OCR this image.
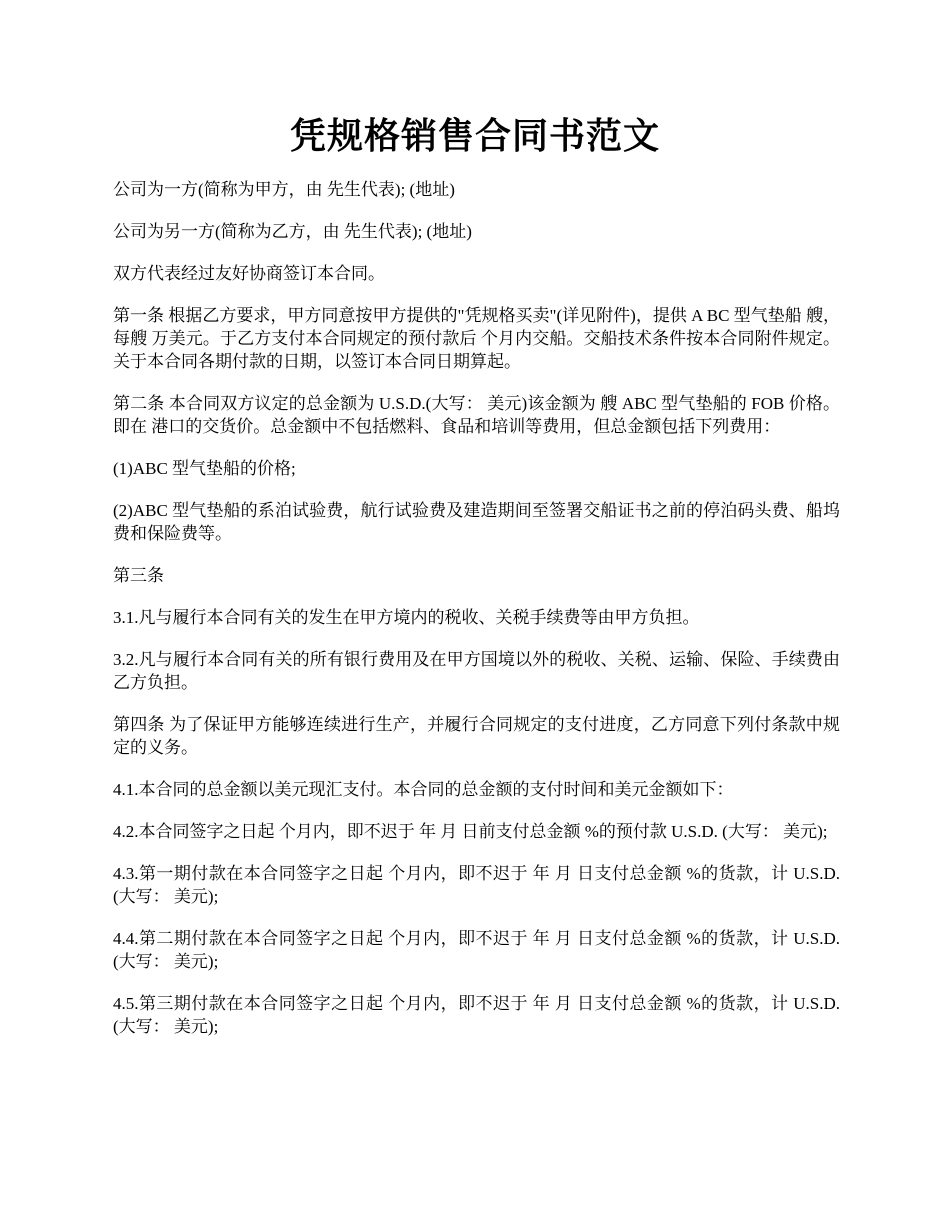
凭规格销售合同书范文

公司为一方(简称为甲方，由 先生代表); (地址)

公司为另一方(简称为乙方，由 先生代表); (地址)

双方代表经过友好协商签订本合同。

第一条 根据乙方要求，甲方同意按甲方提供的"凭规格买卖"(详见附件)，提供 A BC 型气垫船 艘，每艘 万美元。于乙方支付本合同规定的预付款后 个月内交船。交船技术条件按本合同附件规定。关于本合同各期付款的日期，以签订本合同日期算起。

第二条 本合同双方议定的总金额为 U.S.D.(大写： 美元)该金额为 艘 ABC 型气垫船的 FOB 价格。即在 港口的交货价。总金额中不包括燃料、食品和培训等费用，但总金额包括下列费用：

(1)ABC 型气垫船的价格;

(2)ABC 型气垫船的系泊试验费，航行试验费及建造期间至签署交船证书之前的停泊码头费、船坞费和保险费等。

第三条

3.1.凡与履行本合同有关的发生在甲方境内的税收、关税手续费等由甲方负担。

3.2.凡与履行本合同有关的所有银行费用及在甲方国境以外的税收、关税、运输、保险、手续费由乙方负担。

第四条 为了保证甲方能够连续进行生产，并履行合同规定的支付进度，乙方同意下列付条款中规定的义务。

4.1.本合同的总金额以美元现汇支付。本合同的总金额的支付时间和美元金额如下：

4.2.本合同签字之日起 个月内，即不迟于 年 月 日前支付总金额 %的预付款 U.S.D. (大写： 美元);

4.3.第一期付款在本合同签字之日起 个月内，即不迟于 年 月 日支付总金额 %的货款，计 U.S.D. (大写： 美元);

4.4.第二期付款在本合同签字之日起 个月内，即不迟于 年 月 日支付总金额 %的货款，计 U.S.D. (大写： 美元);

4.5.第三期付款在本合同签字之日起 个月内，即不迟于 年 月 日支付总金额 %的货款，计 U.S.D. (大写： 美元);
